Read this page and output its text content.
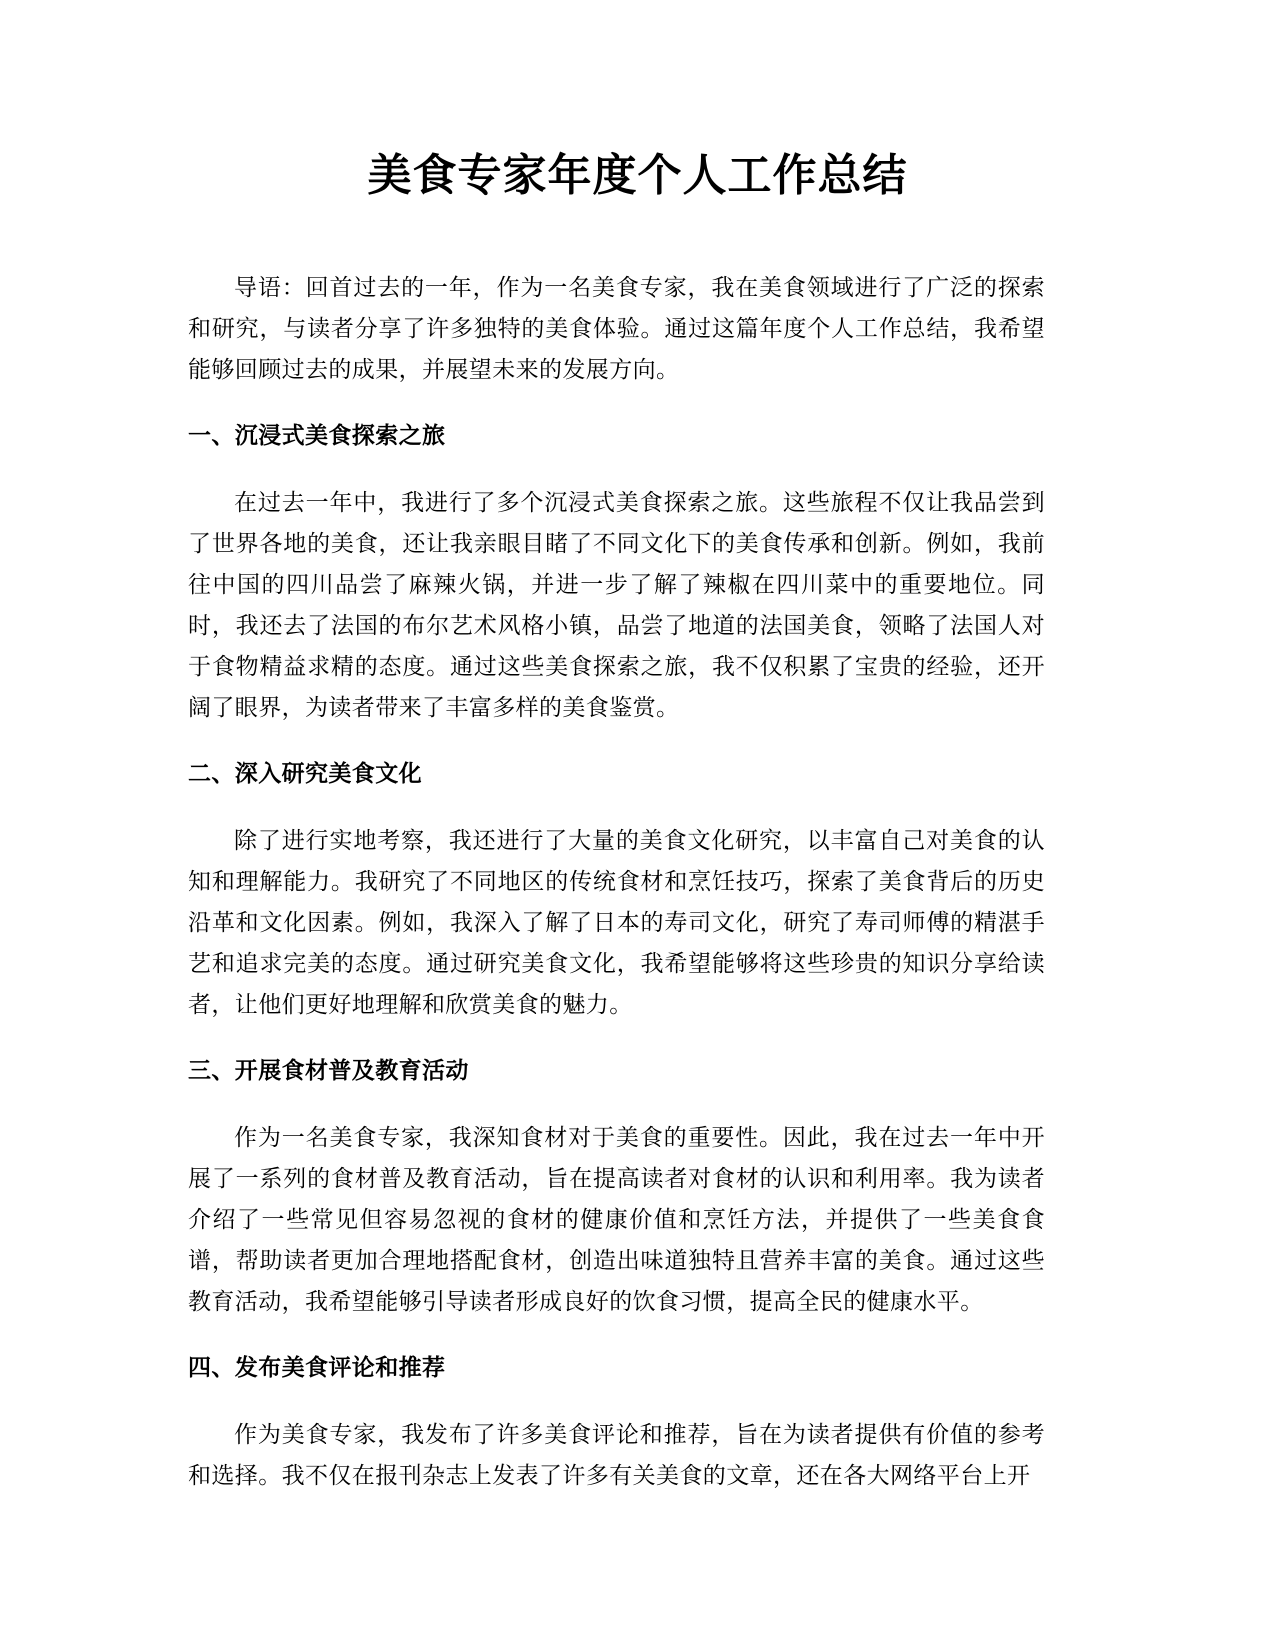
美食专家年度个人工作总结

导语：回首过去的一年，作为一名美食专家，我在美食领域进行了广泛的探索和研究，与读者分享了许多独特的美食体验。通过这篇年度个人工作总结，我希望能够回顾过去的成果，并展望未来的发展方向。

一、沉浸式美食探索之旅

在过去一年中，我进行了多个沉浸式美食探索之旅。这些旅程不仅让我品尝到了世界各地的美食，还让我亲眼目睹了不同文化下的美食传承和创新。例如，我前往中国的四川品尝了麻辣火锅，并进一步了解了辣椒在四川菜中的重要地位。同时，我还去了法国的布尔艺术风格小镇，品尝了地道的法国美食，领略了法国人对于食物精益求精的态度。通过这些美食探索之旅，我不仅积累了宝贵的经验，还开阔了眼界，为读者带来了丰富多样的美食鉴赏。

二、深入研究美食文化

除了进行实地考察，我还进行了大量的美食文化研究，以丰富自己对美食的认知和理解能力。我研究了不同地区的传统食材和烹饪技巧，探索了美食背后的历史沿革和文化因素。例如，我深入了解了日本的寿司文化，研究了寿司师傅的精湛手艺和追求完美的态度。通过研究美食文化，我希望能够将这些珍贵的知识分享给读者，让他们更好地理解和欣赏美食的魅力。

三、开展食材普及教育活动

作为一名美食专家，我深知食材对于美食的重要性。因此，我在过去一年中开展了一系列的食材普及教育活动，旨在提高读者对食材的认识和利用率。我为读者介绍了一些常见但容易忽视的食材的健康价值和烹饪方法，并提供了一些美食食谱，帮助读者更加合理地搭配食材，创造出味道独特且营养丰富的美食。通过这些教育活动，我希望能够引导读者形成良好的饮食习惯，提高全民的健康水平。

四、发布美食评论和推荐

作为美食专家，我发布了许多美食评论和推荐，旨在为读者提供有价值的参考和选择。我不仅在报刊杂志上发表了许多有关美食的文章，还在各大网络平台上开
